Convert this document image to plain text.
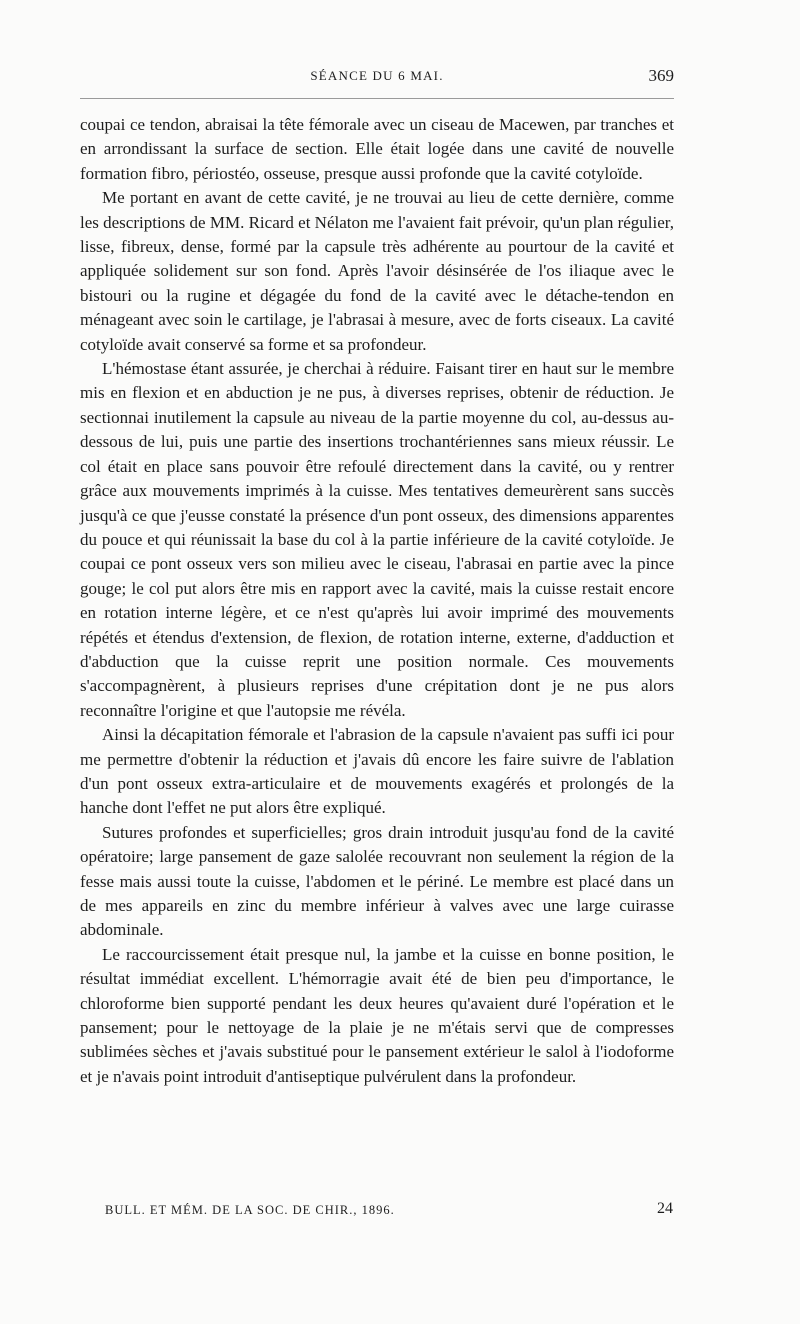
SÉANCE DU 6 MAI.	369

coupai ce tendon, abraisai la tête fémorale avec un ciseau de Macewen, par tranches et en arrondissant la surface de section. Elle était logée dans une cavité de nouvelle formation fibro, périostéo, osseuse, presque aussi profonde que la cavité cotyloïde.

Me portant en avant de cette cavité, je ne trouvai au lieu de cette dernière, comme les descriptions de MM. Ricard et Nélaton me l'avaient fait prévoir, qu'un plan régulier, lisse, fibreux, dense, formé par la capsule très adhérente au pourtour de la cavité et appliquée solidement sur son fond. Après l'avoir désinsérée de l'os iliaque avec le bistouri ou la rugine et dégagée du fond de la cavité avec le détache-tendon en ménageant avec soin le cartilage, je l'abrasai à mesure, avec de forts ciseaux. La cavité cotyloïde avait conservé sa forme et sa profondeur.

L'hémostase étant assurée, je cherchai à réduire. Faisant tirer en haut sur le membre mis en flexion et en abduction je ne pus, à diverses reprises, obtenir de réduction. Je sectionnai inutilement la capsule au niveau de la partie moyenne du col, au-dessus au-dessous de lui, puis une partie des insertions trochantériennes sans mieux réussir. Le col était en place sans pouvoir être refoulé directement dans la cavité, ou y rentrer grâce aux mouvements imprimés à la cuisse. Mes tentatives demeurèrent sans succès jusqu'à ce que j'eusse constaté la présence d'un pont osseux, des dimensions apparentes du pouce et qui réunissait la base du col à la partie inférieure de la cavité cotyloïde. Je coupai ce pont osseux vers son milieu avec le ciseau, l'abrasai en partie avec la pince gouge; le col put alors être mis en rapport avec la cavité, mais la cuisse restait encore en rotation interne légère, et ce n'est qu'après lui avoir imprimé des mouvements répétés et étendus d'extension, de flexion, de rotation interne, externe, d'adduction et d'abduction que la cuisse reprit une position normale. Ces mouvements s'accompagnèrent, à plusieurs reprises d'une crépitation dont je ne pus alors reconnaître l'origine et que l'autopsie me révéla.

Ainsi la décapitation fémorale et l'abrasion de la capsule n'avaient pas suffi ici pour me permettre d'obtenir la réduction et j'avais dû encore les faire suivre de l'ablation d'un pont osseux extra-articulaire et de mouvements exagérés et prolongés de la hanche dont l'effet ne put alors être expliqué.

Sutures profondes et superficielles; gros drain introduit jusqu'au fond de la cavité opératoire; large pansement de gaze salolée recouvrant non seulement la région de la fesse mais aussi toute la cuisse, l'abdomen et le périné. Le membre est placé dans un de mes appareils en zinc du membre inférieur à valves avec une large cuirasse abdominale.

Le raccourcissement était presque nul, la jambe et la cuisse en bonne position, le résultat immédiat excellent. L'hémorragie avait été de bien peu d'importance, le chloroforme bien supporté pendant les deux heures qu'avaient duré l'opération et le pansement; pour le nettoyage de la plaie je ne m'étais servi que de compresses sublimées sèches et j'avais substitué pour le pansement extérieur le salol à l'iodoforme et je n'avais point introduit d'antiseptique pulvérulent dans la profondeur.

BULL. ET MÉM. DE LA SOC. DE CHIR., 1896.	24
